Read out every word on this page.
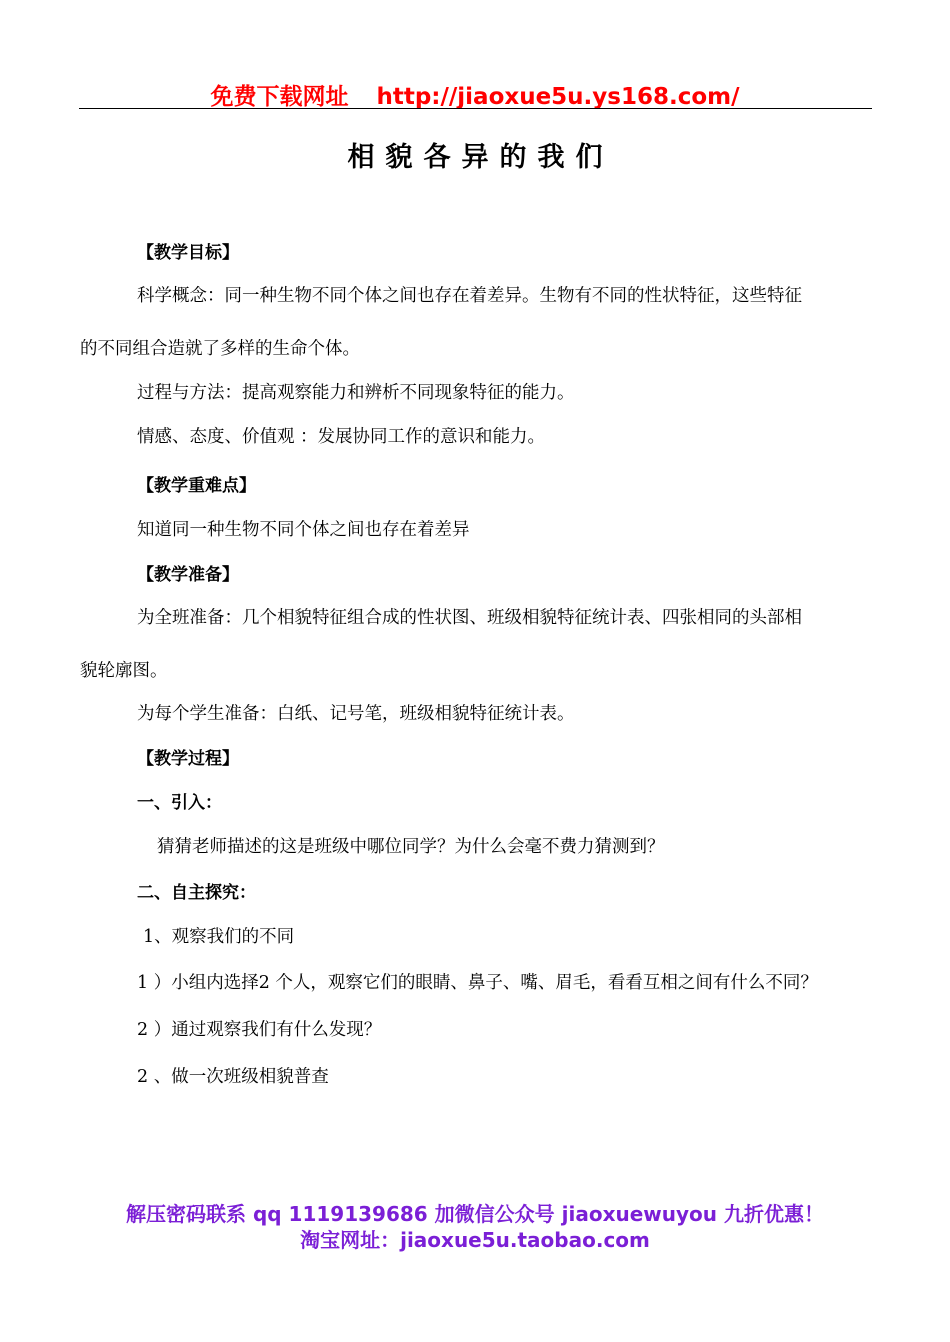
免费下载网址 http://jiaoxue5u.ys168.com/
相貌各异的我们
【教学目标】
科学概念：同一种生物不同个体之间也存在着差异。生物有不同的性状特征，这些特征
的不同组合造就了多样的生命个体。
过程与方法：提高观察能力和辨析不同现象特征的能力。
情感、态度、价值观 ：发展协同工作的意识和能力。
【教学重难点】
知道同一种生物不同个体之间也存在着差异
【教学准备】
为全班准备：几个相貌特征组合成的性状图、班级相貌特征统计表、四张相同的头部相
貌轮廓图。
为每个学生准备：白纸、记号笔，班级相貌特征统计表。
【教学过程】
一、引入：
猜猜老师描述的这是班级中哪位同学？为什么会毫不费力猜测到？
二、自主探究：
1、观察我们的不同
1 ）小组内选择2 个人，观察它们的眼睛、鼻子、嘴、眉毛，看看互相之间有什么不同？
2 ）通过观察我们有什么发现？
2 、做一次班级相貌普查
解压密码联系 qq 1119139686 加微信公众号 jiaoxuewuyou 九折优惠！
淘宝网址：jiaoxue5u.taobao.com
